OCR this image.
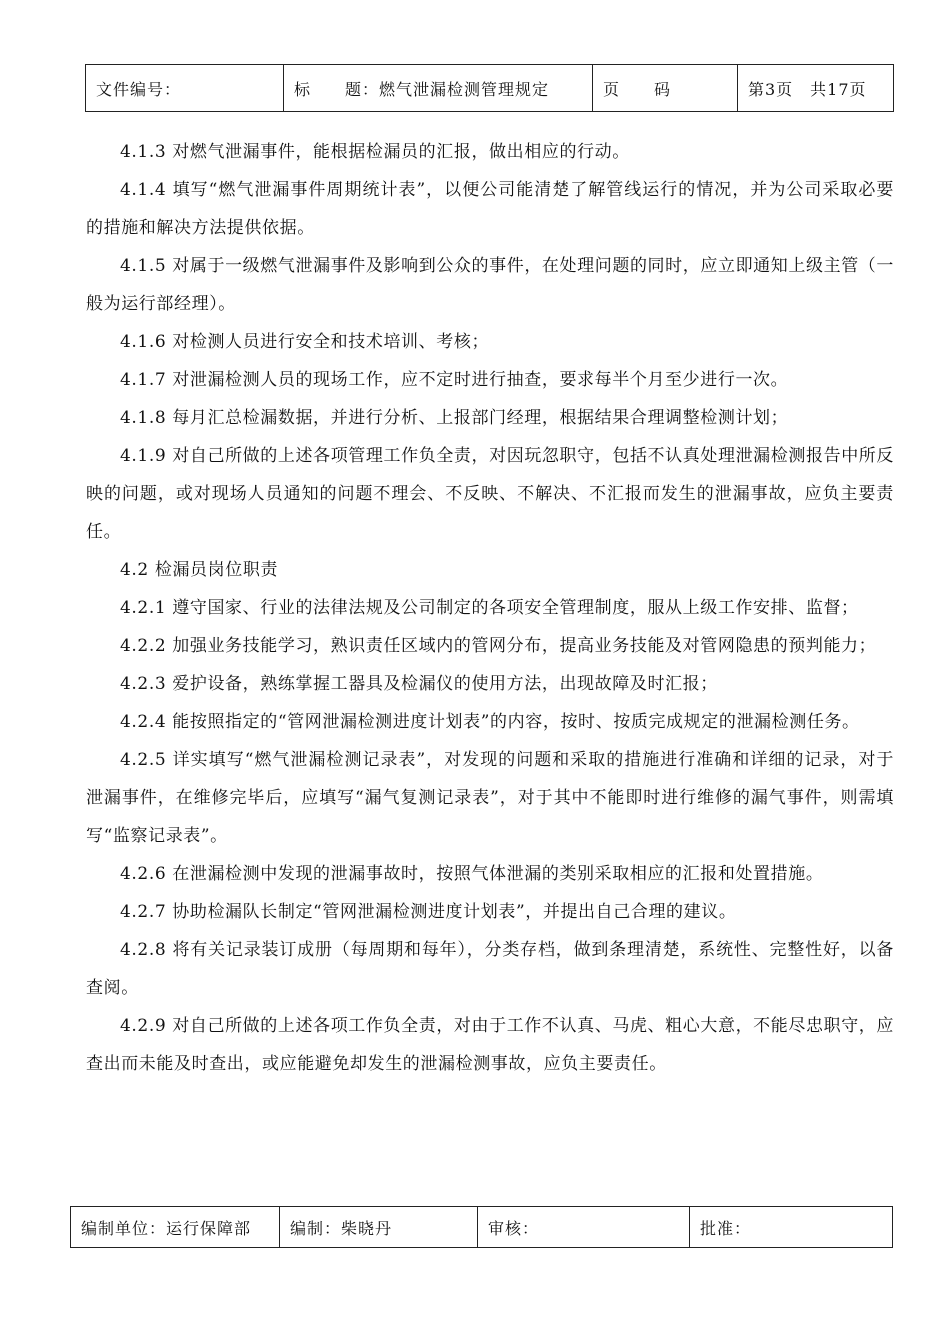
文件编号：	标　　题：燃气泄漏检测管理规定	页　　码	第3页　共17页

4.1.3 对燃气泄漏事件，能根据检漏员的汇报，做出相应的行动。

4.1.4 填写“燃气泄漏事件周期统计表”，以便公司能清楚了解管线运行的情况，并为公司采取必要的措施和解决方法提供依据。

4.1.5 对属于一级燃气泄漏事件及影响到公众的事件，在处理问题的同时，应立即通知上级主管（一般为运行部经理）。

4.1.6 对检测人员进行安全和技术培训、考核；

4.1.7 对泄漏检测人员的现场工作，应不定时进行抽查，要求每半个月至少进行一次。

4.1.8 每月汇总检漏数据，并进行分析、上报部门经理，根据结果合理调整检测计划；

4.1.9 对自己所做的上述各项管理工作负全责，对因玩忽职守，包括不认真处理泄漏检测报告中所反映的问题，或对现场人员通知的问题不理会、不反映、不解决、不汇报而发生的泄漏事故，应负主要责任。

4.2 检漏员岗位职责

4.2.1 遵守国家、行业的法律法规及公司制定的各项安全管理制度，服从上级工作安排、监督；

4.2.2 加强业务技能学习，熟识责任区域内的管网分布，提高业务技能及对管网隐患的预判能力；

4.2.3 爱护设备，熟练掌握工器具及检漏仪的使用方法，出现故障及时汇报；

4.2.4 能按照指定的“管网泄漏检测进度计划表”的内容，按时、按质完成规定的泄漏检测任务。

4.2.5 详实填写“燃气泄漏检测记录表”，对发现的问题和采取的措施进行准确和详细的记录，对于泄漏事件，在维修完毕后，应填写“漏气复测记录表”，对于其中不能即时进行维修的漏气事件，则需填写“监察记录表”。

4.2.6 在泄漏检测中发现的泄漏事故时，按照气体泄漏的类别采取相应的汇报和处置措施。

4.2.7 协助检漏队长制定“管网泄漏检测进度计划表”，并提出自己合理的建议。

4.2.8 将有关记录装订成册（每周期和每年），分类存档，做到条理清楚，系统性、完整性好，以备查阅。

4.2.9 对自己所做的上述各项工作负全责，对由于工作不认真、马虎、粗心大意，不能尽忠职守，应查出而未能及时查出，或应能避免却发生的泄漏检测事故，应负主要责任。

编制单位：运行保障部	编制：柴晓丹	审核：	批准：
